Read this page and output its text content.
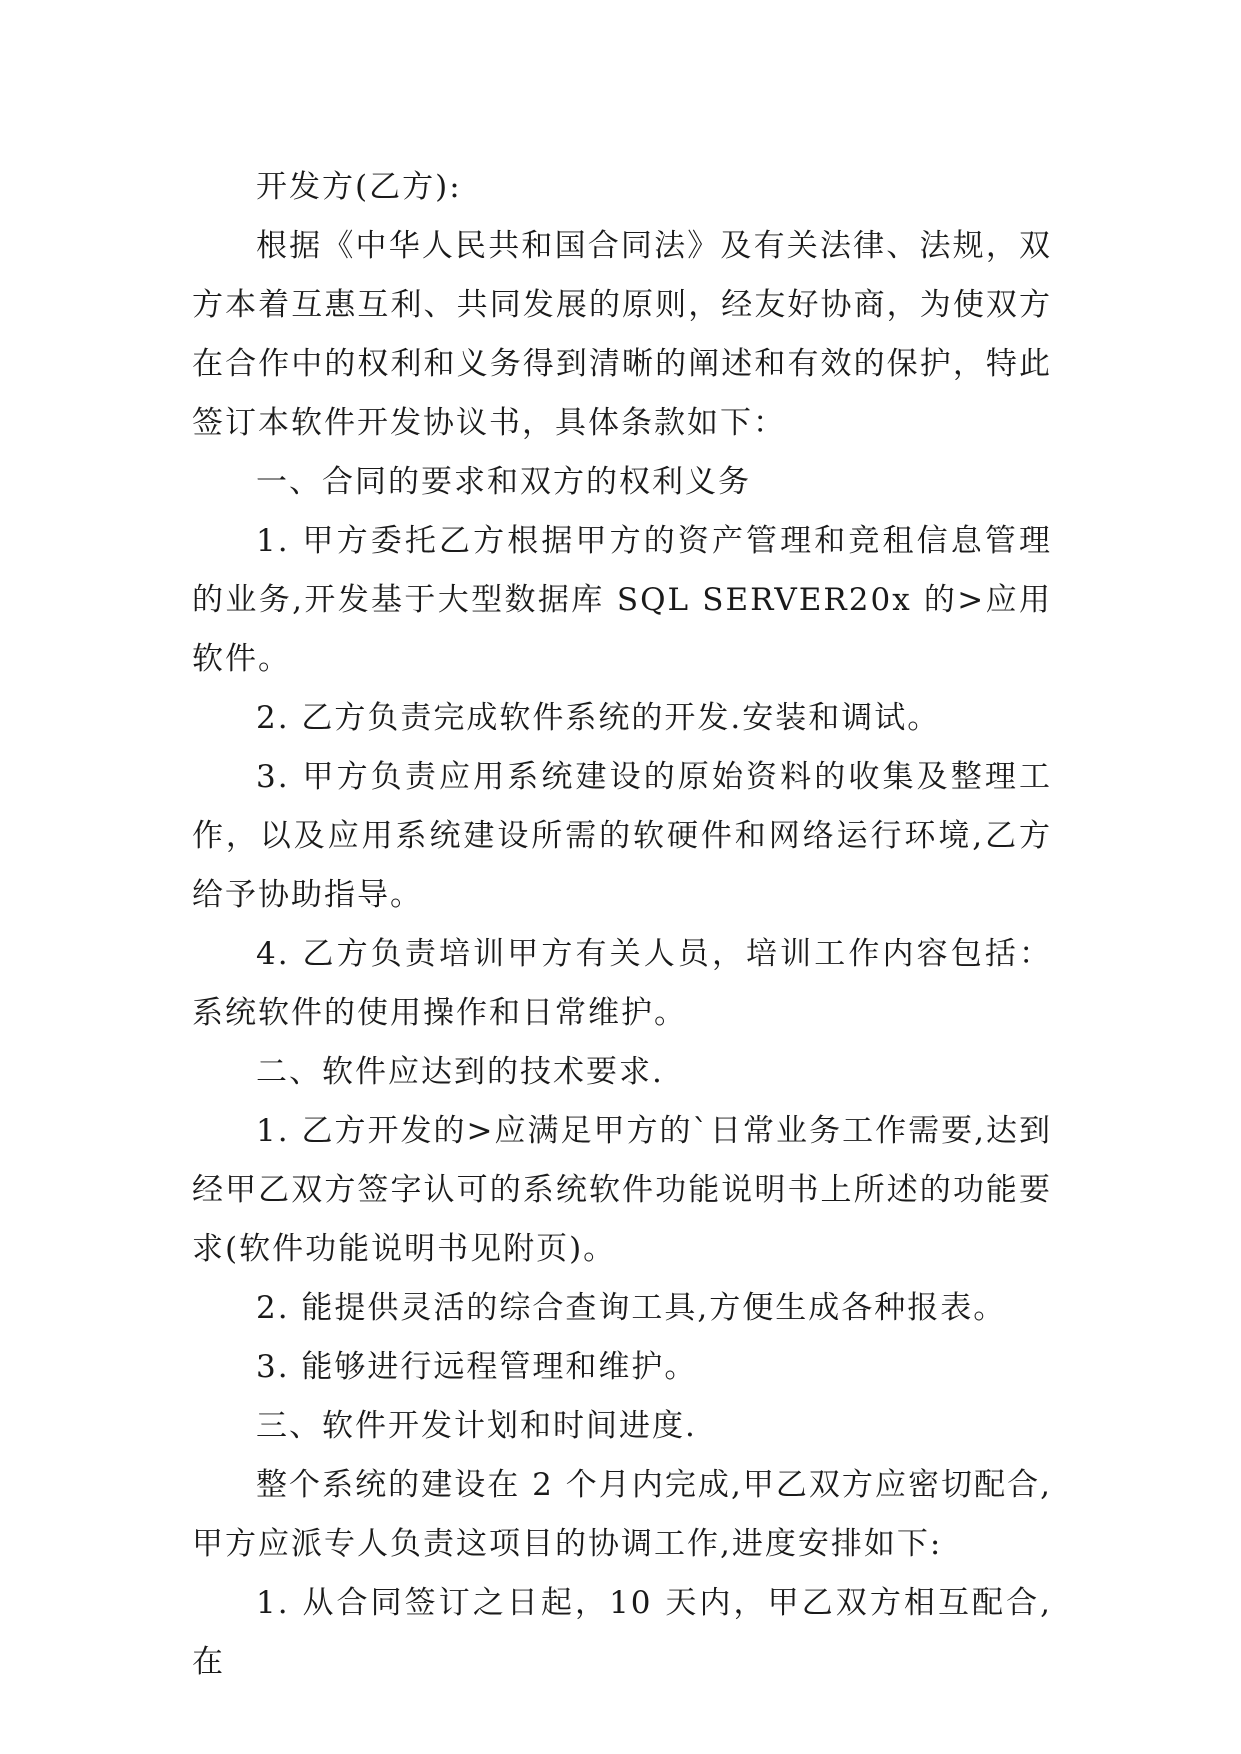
开发方(乙方):

根据《中华人民共和国合同法》及有关法律、法规，双方本着互惠互利、共同发展的原则，经友好协商，为使双方在合作中的权利和义务得到清晰的阐述和有效的保护，特此签订本软件开发协议书，具体条款如下：

一、合同的要求和双方的权利义务

1. 甲方委托乙方根据甲方的资产管理和竞租信息管理的业务,开发基于大型数据库 SQL SERVER20x 的>应用软件。

2. 乙方负责完成软件系统的开发.安装和调试。

3. 甲方负责应用系统建设的原始资料的收集及整理工作，以及应用系统建设所需的软硬件和网络运行环境,乙方给予协助指导。

4. 乙方负责培训甲方有关人员，培训工作内容包括：系统软件的使用操作和日常维护。

二、软件应达到的技术要求.

1. 乙方开发的>应满足甲方的`日常业务工作需要,达到经甲乙双方签字认可的系统软件功能说明书上所述的功能要求(软件功能说明书见附页)。

2. 能提供灵活的综合查询工具,方便生成各种报表。

3. 能够进行远程管理和维护。

三、软件开发计划和时间进度.

整个系统的建设在 2 个月内完成,甲乙双方应密切配合,甲方应派专人负责这项目的协调工作,进度安排如下:

1. 从合同签订之日起，10 天内，甲乙双方相互配合,在
